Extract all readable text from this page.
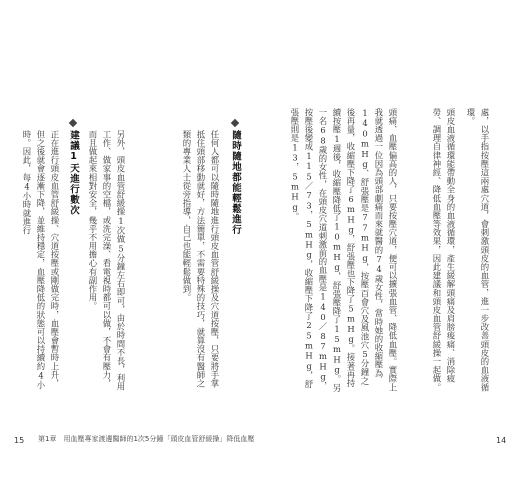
隨時隨地都能輕鬆進行
任何人都可以隨時隨地進行頭皮血管舒緩操及穴道按壓，只要將手掌抵住頭部移動就好，方法簡單，不需要特殊的技巧，就算沒有醫師之類的專業人士從旁指導，自己也能輕鬆做到。
另外，頭皮血管舒緩操1次做5分鐘左右即可，由於時間不長，利用工作、做家事的空檔，或洗完澡、看電視時都可以做，不會有壓力，而且做起來相對安全，幾乎不用擔心有副作用。
建議1天進行數次
正在進行頭皮血管舒緩操、穴道按壓或剛做完時，血壓會暫時上升，但之後就會逐漸下降，並維持穩定，血壓降低的狀態可以持續約4小時。因此，每4小時就進行
15 第1章　用血壓專家渡邊醫師的1次5分鐘「頭皮血管舒緩操」降低血壓
處，以手指按壓這兩處穴道，會刺激頭皮的血管，進一步改善頭皮的血液循環。
頭皮血液循環能帶動全身的血液循環，產生緩解頭痛及肩膀痠痛、消除疲勞、調理自律神經、降低血壓等效果，因此建議和頭皮血管舒緩操一起做。
頭痛、血壓偏高的人，只要按壓穴道，便可以擴張血管、降低血壓。實際上我就透過一位因為頭部劇痛而來就醫的74歲女性，當時她的收縮壓為140mHg、舒張壓是77mHg，按壓百會穴及風池穴5分鐘之後再量，收縮壓下降了6mHg，舒張壓也下降了5mHg。接著再持續按壓1週後，收縮壓降低了10mHg，舒張壓降了15mHg。另一名68歲的女性，在頭皮穴道刺激前的血壓是140／87mHg，按壓後變成115／73，5mHg，收縮壓下降了25mHg，舒張壓則是13，5mHg。
14
